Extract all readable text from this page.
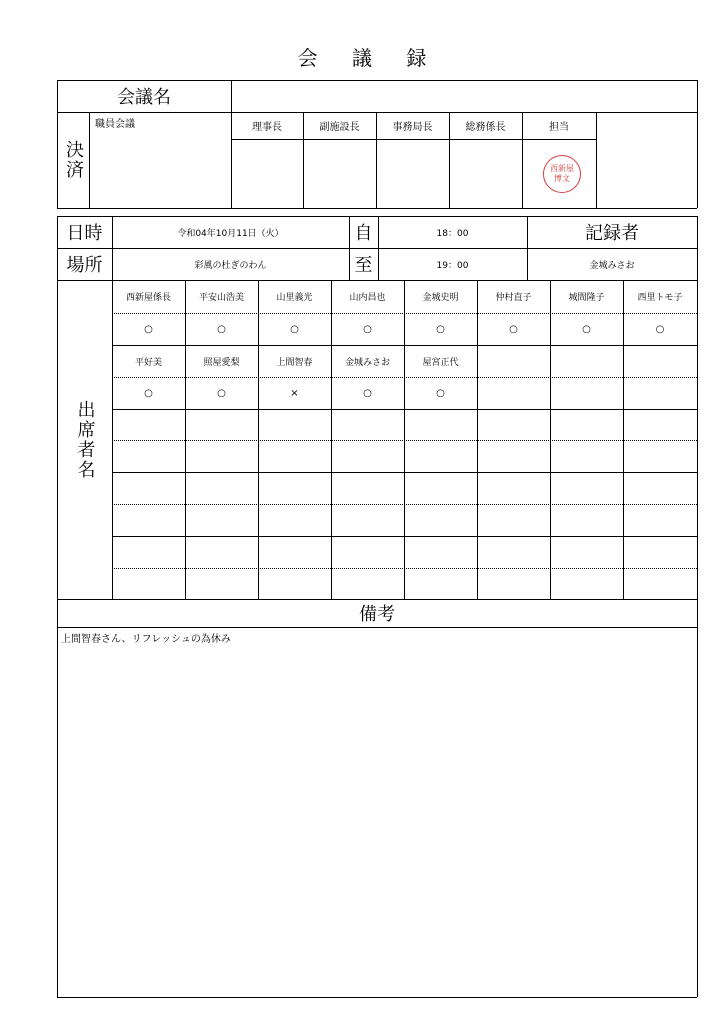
会 議 録
会議名
決済
職員会議	理事長	副施設長	事務局長	総務係長	担当
西新屋
博文
日時	令和04年10月11日（火）	自	18：00	記録者
場所	彩風の杜ぎのわん	至	19：00	金城みさお
出席者名
西新屋係長	平安山浩美	山里義光	山内昌也	金城史明	仲村直子	城間隆子	西里トモ子
○	○	○	○	○	○	○	○
平好美	照屋愛梨	上間智春	金城みさお	屋宮正代
○	○	×	○	○
備考
上間智春さん、リフレッシュの為休み
